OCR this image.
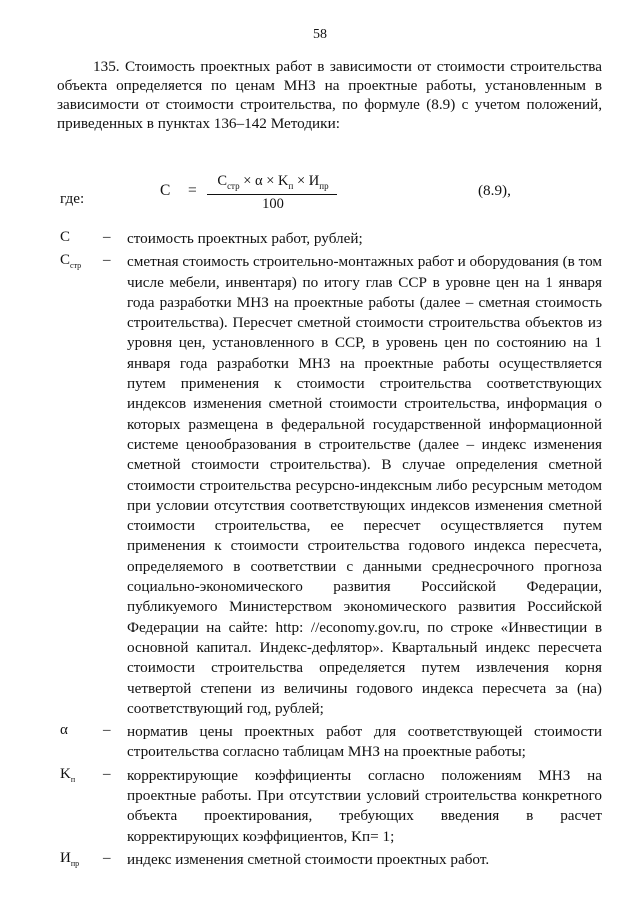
58
135. Стоимость проектных работ в зависимости от стоимости строительства объекта определяется по ценам МНЗ на проектные работы, установленным в зависимости от стоимости строительства, по формуле (8.9) с учетом положений, приведенных в пунктах 136–142 Методики:
где:	C =
$C_{стр} \times \alpha \times K_п \times И_{пр}$
100
(8.9),
C – стоимость проектных работ, рублей;
$C_{стр}$ – сметная стоимость строительно-монтажных работ и оборудования (в том числе мебели, инвентаря) по итогу глав ССР в уровне цен на 1 января года разработки МНЗ на проектные работы (далее – сметная стоимость строительства). Пересчет сметной стоимости строительства объектов из уровня цен, установленного в ССР, в уровень цен по состоянию на 1 января года разработки МНЗ на проектные работы осуществляется путем применения к стоимости строительства соответствующих индексов изменения сметной стоимости строительства, информация о которых размещена в федеральной государственной информационной системе ценообразования в строительстве (далее – индекс изменения сметной стоимости строительства). В случае определения сметной стоимости строительства ресурсно-индексным либо ресурсным методом при условии отсутствия соответствующих индексов изменения сметной стоимости строительства, ее пересчет осуществляется путем применения к стоимости строительства годового индекса пересчета, определяемого в соответствии с данными среднесрочного прогноза социально-экономического развития Российской Федерации, публикуемого Министерством экономического развития Российской Федерации на сайте: http: //economy.gov.ru, по строке «Инвестиции в основной капитал. Индекс-дефлятор». Квартальный индекс пересчета стоимости строительства определяется путем извлечения корня четвертой степени из величины годового индекса пересчета за (на) соответствующий год, рублей;
α – норматив цены проектных работ для соответствующей стоимости строительства согласно таблицам МНЗ на проектные работы;
$K_п$ – корректирующие коэффициенты согласно положениям МНЗ на проектные работы. При отсутствии условий строительства конкретного объекта проектирования, требующих введения в расчет корректирующих коэффициентов, Kп= 1;
$И_{пр}$ – индекс изменения сметной стоимости проектных работ.
